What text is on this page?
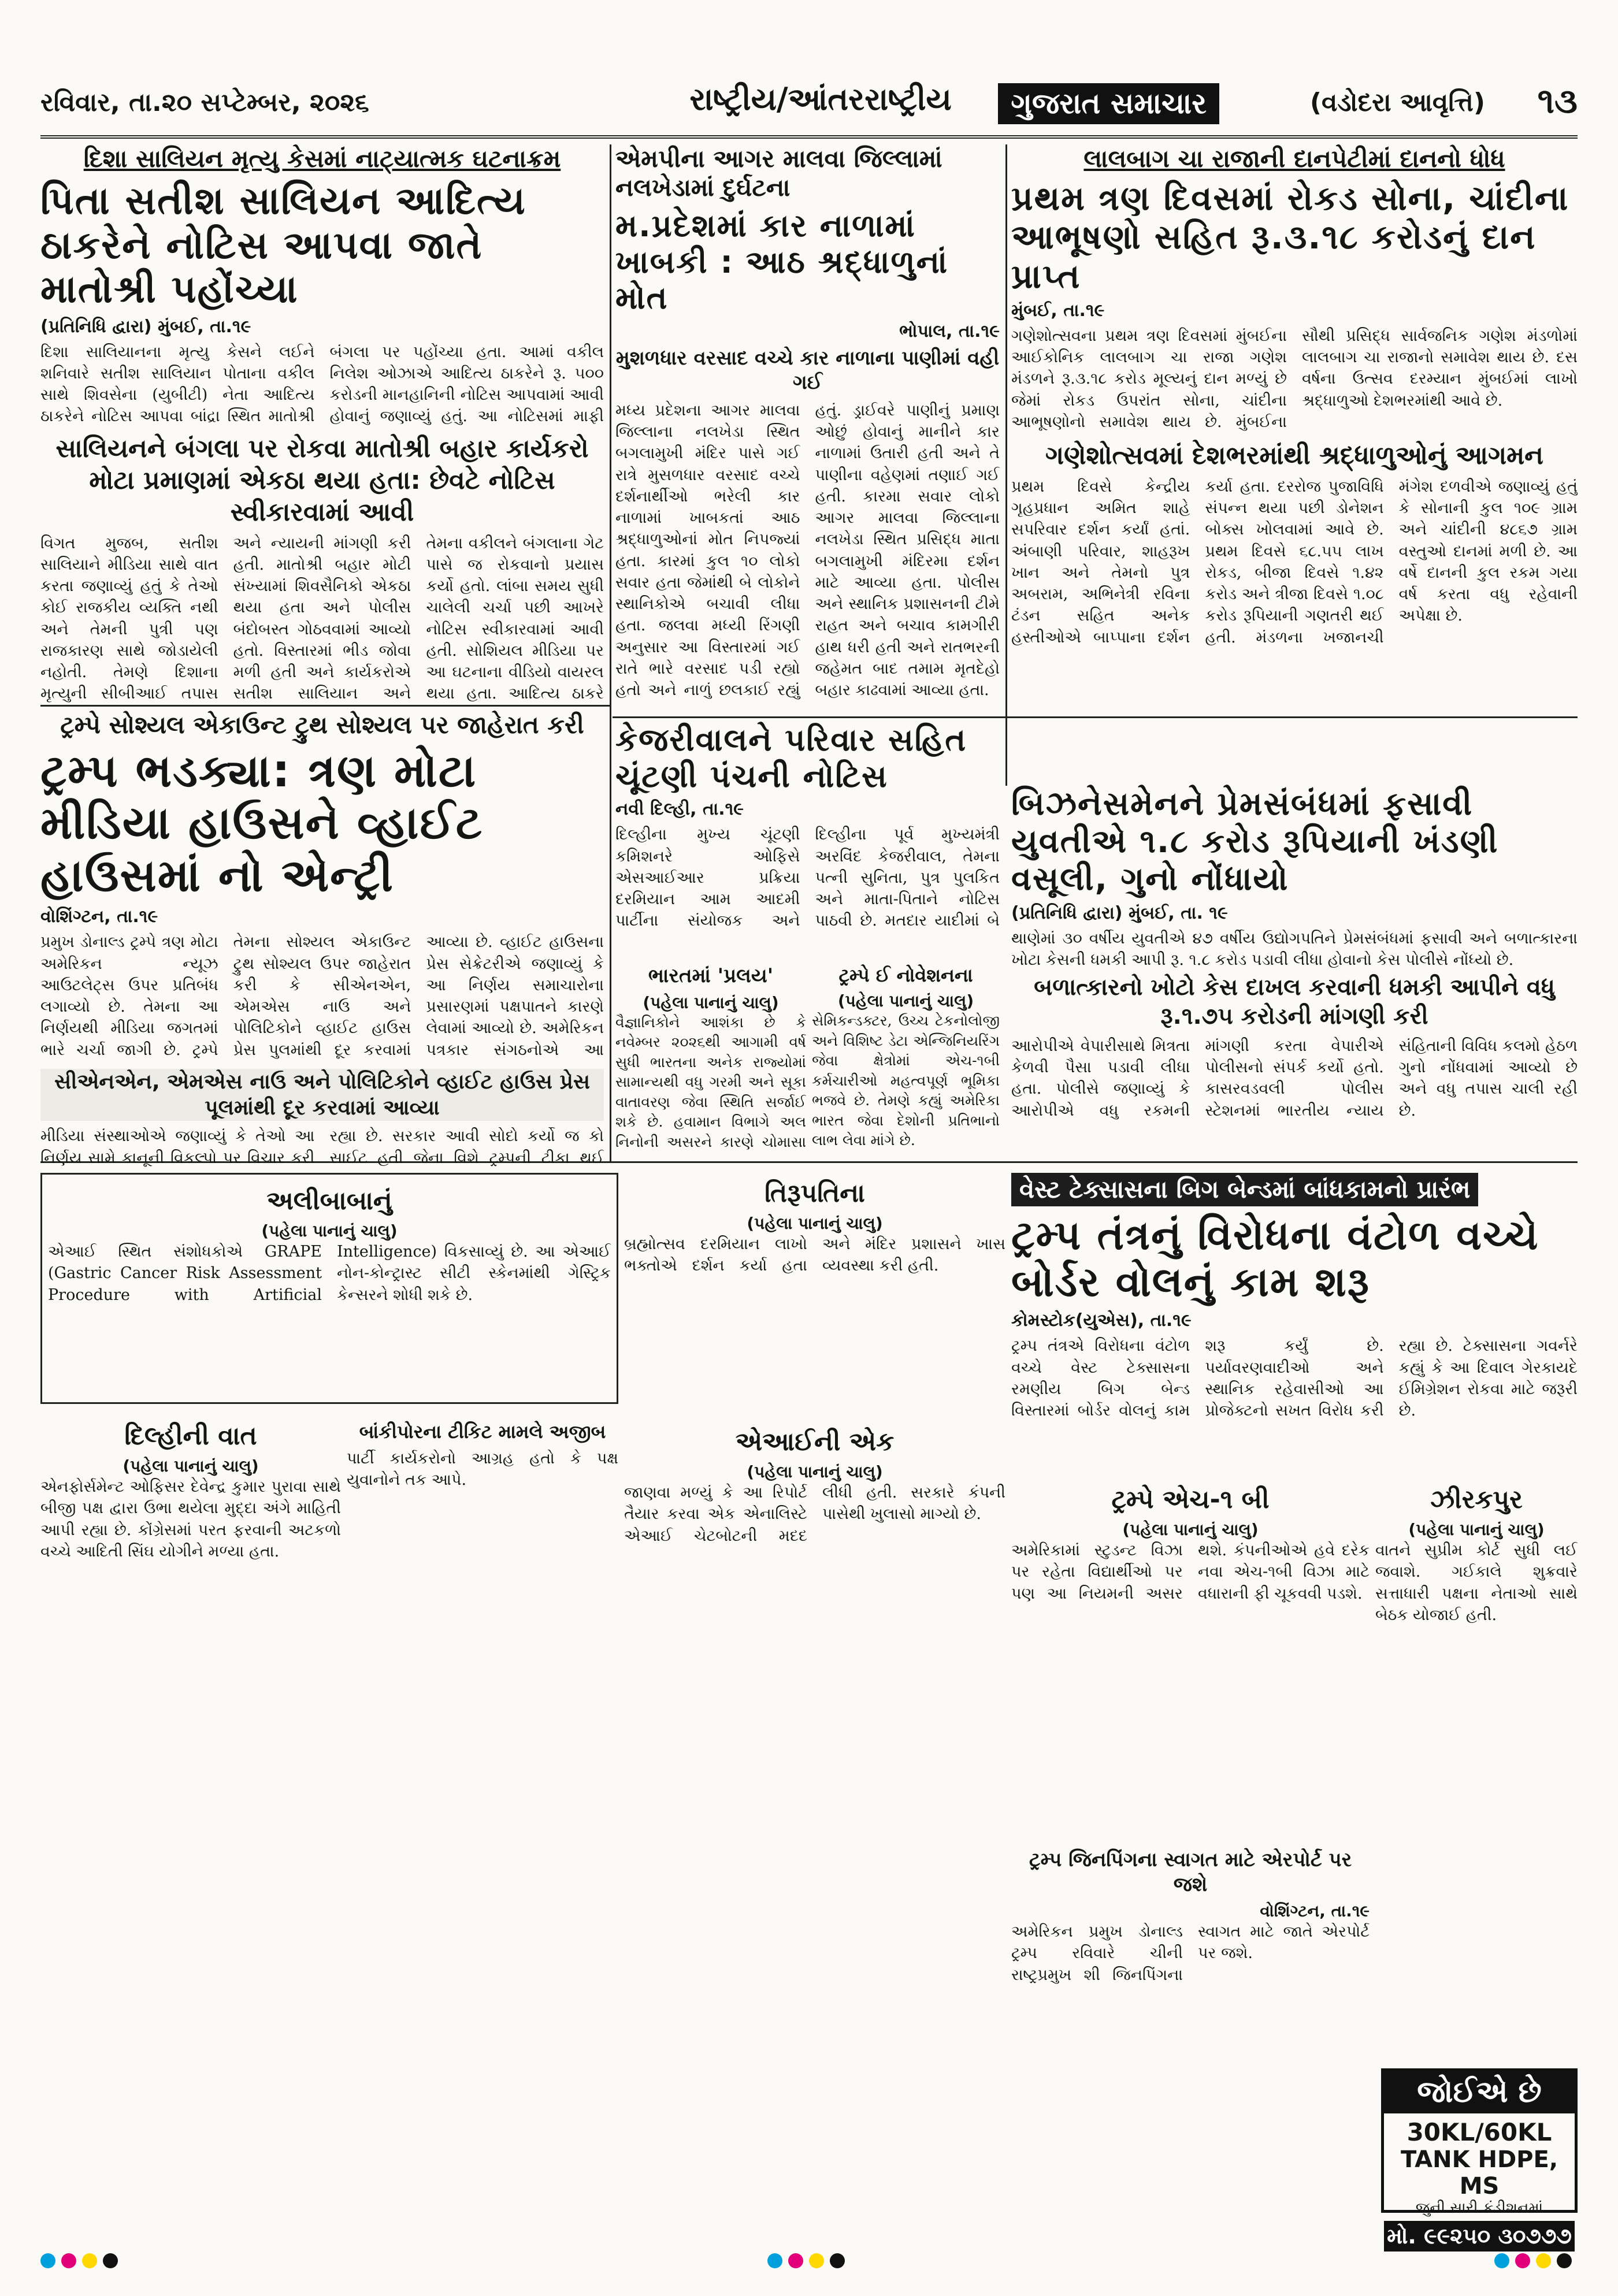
રવિવાર, તા.૨૦ સપ્ટેમ્બર, ૨૦૨૬	રાષ્ટ્રીય/આંતરરાષ્ટ્રીય	ગુજરાત સમાચાર	(વડોદરા આવૃત્તિ) ૧૩
દિશા સાલિયન મૃત્યુ કેસમાં નાટ્યાત્મક ઘટનાક્રમ
પિતા સતીશ સાલિયન આદિત્ય ઠાકરેને નોટિસ આપવા જાતે માતોશ્રી પહોંચ્યા
(પ્રતિનિધિ દ્વારા) મુંબઈ, તા.૧૯
દિશા સાલિયાનના મૃત્યુ કેસને લઈને શનિવારે સતીશ સાલિયાન પોતાના વકીલ સાથે શિવસેના (યુબીટી) નેતા આદિત્ય ઠાકરેને નોટિસ આપવા બાંદ્રા સ્થિત માતોશ્રી બંગલા પર પહોંચ્યા હતા. આમાં વકીલ નિલેશ ઓઝાએ આદિત્ય ઠાકરેને રૂ. ૫૦૦ કરોડની માનહાનિની નોટિસ આપવામાં આવી હોવાનું જણાવ્યું હતું. આ નોટિસમાં માફી
સાલિયનને બંગલા પર રોકવા માતોશ્રી બહાર કાર્યકરો મોટા પ્રમાણમાં એકઠા થયા હતા: છેવટે નોટિસ સ્વીકારવામાં આવી
વિગત મુજબ, સતીશ સાલિયાને મીડિયા સાથે વાત કરતા જણાવ્યું હતું કે તેઓ કોઈ રાજકીય વ્યક્તિ નથી અને તેમની પુત્રી પણ રાજકારણ સાથે જોડાયેલી નહોતી. તેમણે દિશાના મૃત્યુની સીબીઆઈ તપાસ અને ન્યાયની માંગણી કરી હતી. માતોશ્રી બહાર મોટી સંખ્યામાં શિવસૈનિકો એકઠા થયા હતા અને પોલીસ બંદોબસ્ત ગોઠવવામાં આવ્યો હતો. વિસ્તારમાં ભીડ જોવા મળી હતી અને કાર્યકરોએ સતીશ સાલિયાન અને તેમના વકીલને બંગલાના ગેટ પાસે જ રોકવાનો પ્રયાસ કર્યો હતો. લાંબા સમય સુધી ચાલેલી ચર્ચા પછી આખરે નોટિસ સ્વીકારવામાં આવી હતી. સોશિયલ મીડિયા પર આ ઘટનાના વીડિયો વાયરલ થયા હતા. આદિત્ય ઠાકરે
એમપીના આગર માલવા જિલ્લામાં નલખેડામાં દુર્ઘટના
મ.પ્રદેશમાં કાર નાળામાં ખાબકી : આઠ શ્રદ્ધાળુનાં મોત
ભોપાલ, તા.૧૯
મુશળધાર વરસાદ વચ્ચે કાર નાળાના પાણીમાં વહી ગઈ
મધ્ય પ્રદેશના આગર માલવા જિલ્લાના નલખેડા સ્થિત બગલામુખી મંદિર પાસે ગઈ રાત્રે મુસળધાર વરસાદ વચ્ચે દર્શનાર્થીઓ ભરેલી કાર નાળામાં ખાબકતાં આઠ શ્રદ્ધાળુઓનાં મોત નિપજ્યાં હતા. કારમાં કુલ ૧૦ લોકો સવાર હતા જેમાંથી બે લોકોને સ્થાનિકોએ બચાવી લીધા હતા. જલવા મધ્યી રિંગણી અનુસાર આ વિસ્તારમાં ગઈ રાતે ભારે વરસાદ પડી રહ્યો હતો અને નાળું છલકાઈ રહ્યું હતું. ડ્રાઈવરે પાણીનું પ્રમાણ ઓછું હોવાનું માનીને કાર નાળામાં ઉતારી હતી અને તે પાણીના વહેણમાં તણાઈ ગઈ હતી. કારમા સવાર લોકો આગર માલવા જિલ્લાના નલખેડા સ્થિત પ્રસિદ્ધ માતા બગલામુખી મંદિરમા દર્શન માટે આવ્યા હતા. પોલીસ અને સ્થાનિક પ્રશાસનની ટીમે રાહત અને બચાવ કામગીરી હાથ ધરી હતી અને રાતભરની જહેમત બાદ તમામ મૃતદેહો બહાર કાઢવામાં આવ્યા હતા.
લાલબાગ ચા રાજાની દાનપેટીમાં દાનનો ધોધ
પ્રથમ ત્રણ દિવસમાં રોકડ સોના, ચાંદીના આભૂષણો સહિત રૂ.૩.૧૮ કરોડનું દાન પ્રાપ્ત
મુંબઈ, તા.૧૯
ગણેશોત્સવના પ્રથમ ત્રણ દિવસમાં મુંબઈના આઈકોનિક લાલબાગ ચા રાજા ગણેશ મંડળને રૂ.૩.૧૮ કરોડ મૂલ્યનું દાન મળ્યું છે જેમાં રોકડ ઉપરાંત સોના, ચાંદીના આભૂષણોનો સમાવેશ થાય છે. મુંબઈના સૌથી પ્રસિદ્ધ સાર્વજનિક ગણેશ મંડળોમાં લાલબાગ ચા રાજાનો સમાવેશ થાય છે. દસ વર્ષના ઉત્સવ દરમ્યાન મુંબઈમાં લાખો શ્રદ્ધાળુઓ દેશભરમાંથી આવે છે.
ગણેશોત્સવમાં દેશભરમાંથી શ્રદ્ધાળુઓનું આગમન
પ્રથમ દિવસે કેન્દ્રીય ગૃહપ્રધાન અમિત શાહે સપરિવાર દર્શન કર્યાં હતાં. અંબાણી પરિવાર, શાહરૂખ ખાન અને તેમનો પુત્ર અબરામ, અભિનેત્રી રવિના ટંડન સહિત અનેક હસ્તીઓએ બાપ્પાના દર્શન કર્યા હતા. દરરોજ પુજાવિધિ સંપન્ન થયા પછી ડોનેશન બોક્સ ખોલવામાં આવે છે. પ્રથમ દિવસે ૬૮.૫૫ લાખ રોકડ, બીજા દિવસે ૧.૪૨ કરોડ અને ત્રીજા દિવસે ૧.૦૮ કરોડ રૂપિયાની ગણતરી થઈ હતી. મંડળના ખજાનચી મંગેશ દળવીએ જણાવ્યું હતું કે સોનાની કુલ ૧૦૯ ગ્રામ અને ચાંદીની ૪૮૬૭ ગ્રામ વસ્તુઓ દાનમાં મળી છે. આ વર્ષે દાનની કુલ રકમ ગયા વર્ષ કરતા વધુ રહેવાની અપેક્ષા છે.
ટ્રમ્પે સોશ્યલ એકાઉન્ટ ટ્રુથ સોશ્યલ પર જાહેરાત કરી
ટ્રમ્પ ભડક્યા: ત્રણ મોટા મીડિયા હાઉસને વ્હાઈટ હાઉસમાં નો એન્ટ્રી
વોશિંગ્ટન, તા.૧૯
પ્રમુખ ડોનાલ્ડ ટ્રમ્પે ત્રણ મોટા અમેરિકન ન્યૂઝ આઉટલેટ્સ ઉપર પ્રતિબંધ લગાવ્યો છે. તેમના આ નિર્ણયથી મીડિયા જગતમાં ભારે ચર્ચા જાગી છે. ટ્રમ્પે તેમના સોશ્યલ એકાઉન્ટ ટ્રુથ સોશ્યલ ઉપર જાહેરાત કરી કે સીએનએન, એમએસ નાઉ અને પોલિટિકોને વ્હાઈટ હાઉસ પ્રેસ પુલમાંથી દૂર કરવામાં આવ્યા છે. વ્હાઈટ હાઉસના પ્રેસ સેક્રેટરીએ જણાવ્યું કે આ નિર્ણય સમાચારોના પ્રસારણમાં પક્ષપાતને કારણે લેવામાં આવ્યો છે. અમેરિકન પત્રકાર સંગઠનોએ આ
સીએનએન, એમએસ નાઉ અને પોલિટિકોને વ્હાઈટ હાઉસ પ્રેસ પૂલમાંથી દૂર કરવામાં આવ્યા
મીડિયા સંસ્થાઓએ જણાવ્યું કે તેઓ આ નિર્ણય સામે કાનૂની વિકલ્પો પર વિચાર કરી રહ્યા છે. સરકાર આવી સોદો કર્યો જ કો સાઈટ હતી જેના વિશે ટ્રમ્પની ટીકા થઈ
કેજરીવાલને પરિવાર સહિત ચૂંટણી પંચની નોટિસ
નવી દિલ્હી, તા.૧૯
દિલ્હીના મુખ્ય ચૂંટણી કમિશનરે ઓફિસે એસઆઈઆર પ્રક્રિયા દરમિયાન આમ આદમી પાર્ટીના સંયોજક અને દિલ્હીના પૂર્વ મુખ્યમંત્રી અરવિંદ કેજરીવાલ, તેમના પત્ની સુનિતા, પુત્ર પુલકિત અને માતા-પિતાને નોટિસ પાઠવી છે. મતદાર યાદીમાં બે
ભારતમાં 'પ્રલય'
(પહેલા પાનાનું ચાલુ)
વૈજ્ઞાનિકોને આશંકા છે કે નવેમ્બર ૨૦૨૬થી આગામી વર્ષ સુધી ભારતના અનેક રાજ્યોમાં સામાન્યથી વધુ ગરમી અને સૂકા વાતાવરણ જેવા સ્થિતિ સર્જાઈ શકે છે. હવામાન વિભાગે અલ નિનોની અસરને કારણે ચોમાસા
ટ્રમ્પે ઈ નોવેશનના
(પહેલા પાનાનું ચાલુ)
સેમિકન્ડક્ટર, ઉચ્ચ ટેકનોલોજી અને વિશિષ્ટ ડેટા એન્જિનિયરિંગ જેવા ક્ષેત્રોમાં એચ-૧બી કર્મચારીઓ મહત્વપૂર્ણ ભૂમિકા ભજવે છે. તેમણે કહ્યું અમેરિકા ભારત જેવા દેશોની પ્રતિભાનો લાભ લેવા માંગે છે.
બિઝનેસમેનને પ્રેમસંબંધમાં ફસાવી યુવતીએ ૧.૮ કરોડ રૂપિયાની ખંડણી વસૂલી, ગુનો નોંધાયો
(પ્રતિનિધિ દ્વારા) મુંબઈ, તા. ૧૯
થાણેમાં ૩૦ વર્ષીય યુવતીએ ૪૭ વર્ષીય ઉદ્યોગપતિને પ્રેમસંબંધમાં ફસાવી અને બળાત્કારના ખોટા કેસની ધમકી આપી રૂ. ૧.૮ કરોડ પડાવી લીધા હોવાનો કેસ પોલીસે નોંધ્યો છે.
બળાત્કારનો ખોટો કેસ દાખલ કરવાની ધમકી આપીને વધુ રૂ.૧.૭૫ કરોડની માંગણી કરી
આરોપીએ વેપારીસાથે મિત્રતા કેળવી પૈસા પડાવી લીધા હતા. પોલીસે જણાવ્યું કે આરોપીએ વધુ રકમની માંગણી કરતા વેપારીએ પોલીસનો સંપર્ક કર્યો હતો. કાસરવડવલી પોલીસ સ્ટેશનમાં ભારતીય ન્યાય સંહિતાની વિવિધ કલમો હેઠળ ગુનો નોંધવામાં આવ્યો છે અને વધુ તપાસ ચાલી રહી છે.
અલીબાબાનું
(પહેલા પાનાનું ચાલુ)
એઆઈ સ્થિત સંશોધકોએ GRAPE (Gastric Cancer Risk Assessment Procedure with Artificial Intelligence) વિકસાવ્યું છે. આ એઆઈ નોન-કોન્ટ્રાસ્ટ સીટી સ્કેનમાંથી ગેસ્ટ્રિક કેન્સરને શોધી શકે છે.
દિલ્હીની વાત
(પહેલા પાનાનું ચાલુ)
એનફોર્સમેન્ટ ઓફિસર દેવેન્દ્ર કુમાર પુરાવા સાથે બીજી પક્ષ દ્વારા ઉભા થયેલા મુદ્દા અંગે માહિતી આપી રહ્યા છે. કોંગ્રેસમાં પરત ફરવાની અટકળો વચ્ચે આદિતી સિંઘ યોગીને મળ્યા હતા.
બાંકીપોરના ટીકિટ મામલે અજીબ
પાર્ટી કાર્યકરોનો આગ્રહ હતો કે પક્ષ યુવાનોને તક આપે.
તિરૂપતિના
(પહેલા પાનાનું ચાલુ)
બ્રહ્મોત્સવ દરમિયાન લાખો ભક્તોએ દર્શન કર્યા હતા અને મંદિર પ્રશાસને ખાસ વ્યવસ્થા કરી હતી.
એઆઈની એક
(પહેલા પાનાનું ચાલુ)
જાણવા મળ્યું કે આ રિપોર્ટ તૈયાર કરવા એક એનાલિસ્ટે એઆઈ ચેટબોટની મદદ લીધી હતી. સરકારે કંપની પાસેથી ખુલાસો માગ્યો છે.
વેસ્ટ ટેક્સાસના બિગ બેન્ડમાં બાંધકામનો પ્રારંભ
ટ્રમ્પ તંત્રનું વિરોધના વંટોળ વચ્ચે બોર્ડર વોલનું કામ શરૂ
કોમસ્ટોક(યુએસ), તા.૧૯
ટ્રમ્પ તંત્રએ વિરોધના વંટોળ વચ્ચે વેસ્ટ ટેક્સાસના રમણીય બિગ બેન્ડ વિસ્તારમાં બોર્ડર વોલનું કામ શરૂ કર્યું છે. પર્યાવરણવાદીઓ અને સ્થાનિક રહેવાસીઓ આ પ્રોજેક્ટનો સખત વિરોધ કરી રહ્યા છે. ટેક્સાસના ગવર્નરે કહ્યું કે આ દિવાલ ગેરકાયદે ઈમિગ્રેશન રોકવા માટે જરૂરી છે.
ટ્રમ્પે એચ-૧ બી
(પહેલા પાનાનું ચાલુ)
અમેરિકામાં સ્ટુડન્ટ વિઝા પર રહેતા વિદ્યાર્થીઓ પર પણ આ નિયમની અસર થશે. કંપનીઓએ હવે દરેક નવા એચ-૧બી વિઝા માટે વધારાની ફી ચૂકવવી પડશે.
ઝીરકપુર
(પહેલા પાનાનું ચાલુ)
વાતને સુપ્રીમ કોર્ટ સુધી લઈ જવાશે. ગઈકાલે શુક્રવારે સત્તાધારી પક્ષના નેતાઓ સાથે બેઠક યોજાઈ હતી.
ટ્રમ્પ જિનપિંગના સ્વાગત માટે એરપોર્ટ પર જશે
વોશિંગ્ટન, તા.૧૯
અમેરિકન પ્રમુખ ડોનાલ્ડ ટ્રમ્પ રવિવારે ચીની રાષ્ટ્રપ્રમુખ શી જિનપિંગના સ્વાગત માટે જાતે એરપોર્ટ પર જશે.
જોઈએ છે
30KL/60KL
TANK HDPE, MS
જુની સારી કંડીશનમાં
મો. ૯૯૨૫૦ ૩૦૭૭૭
